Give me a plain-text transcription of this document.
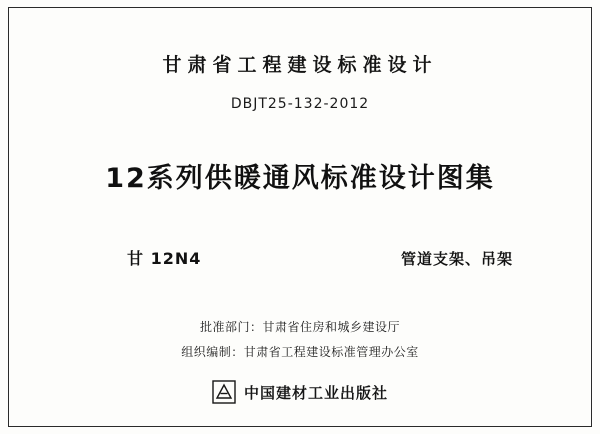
甘肃省工程建设标准设计
DBJT25-132-2012
12系列供暖通风标准设计图集
甘 12N4	管道支架、吊架
批准部门：甘肃省住房和城乡建设厅
组织编制：甘肃省工程建设标准管理办公室
中国建材工业出版社
